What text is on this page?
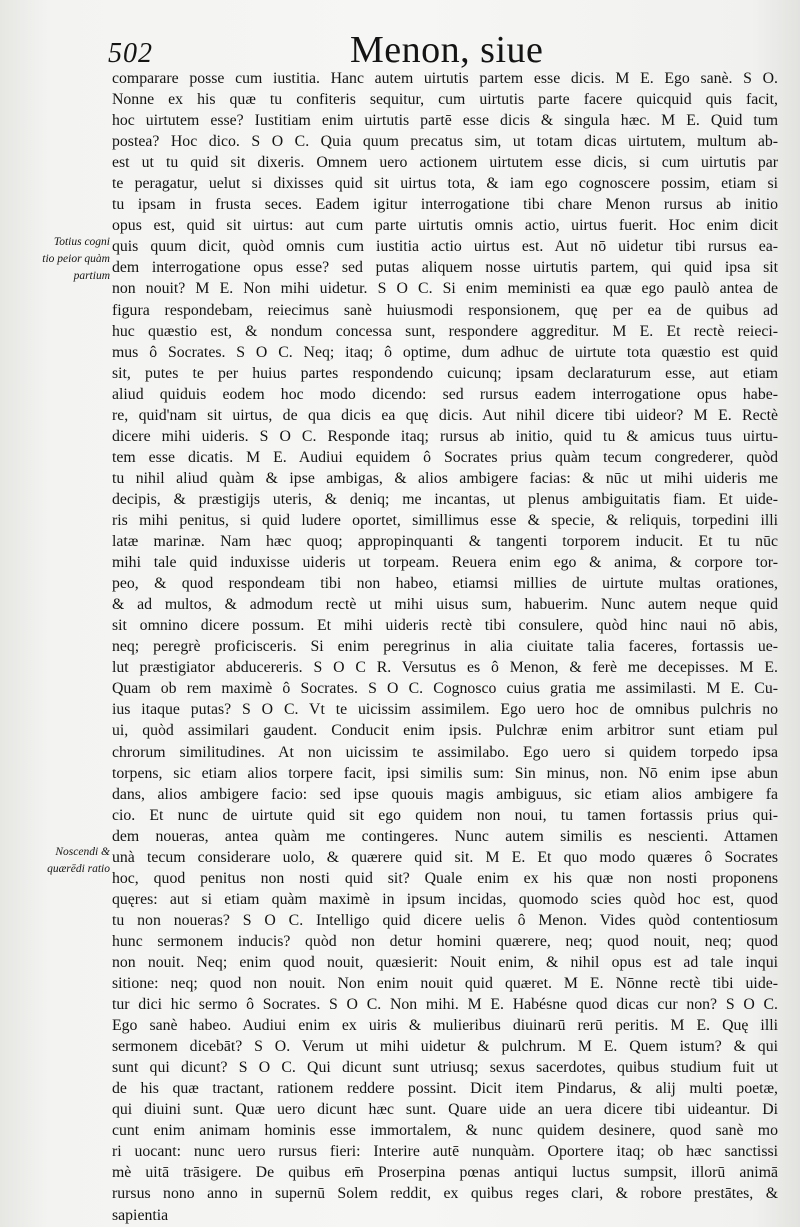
502	Menon, siue
Totius cogni
tio peior quàm
partium
Noscendi &
quærēdi ratio
comparare posse cum iustitia. Hanc autem uirtutis partem esse dicis. M E. Ego sanè. S O.
Nonne ex his quæ tu confiteris sequitur, cum uirtutis parte facere quicquid quis facit,
hoc uirtutem esse? Iustitiam enim uirtutis partē esse dicis & singula hæc. M E. Quid tum
postea? Hoc dico. S O C. Quia quum precatus sim, ut totam dicas uirtutem, multum ab-
est ut tu quid sit dixeris. Omnem uero actionem uirtutem esse dicis, si cum uirtutis par
te peragatur, uelut si dixisses quid sit uirtus tota, & iam ego cognoscere possim, etiam si
tu ipsam in frusta seces. Eadem igitur interrogatione tibi chare Menon rursus ab initio
opus est, quid sit uirtus: aut cum parte uirtutis omnis actio, uirtus fuerit. Hoc enim dicit
quis quum dicit, quòd omnis cum iustitia actio uirtus est. Aut nō uidetur tibi rursus ea-
dem interrogatione opus esse? sed putas aliquem nosse uirtutis partem, qui quid ipsa sit
non nouit? M E. Non mihi uidetur. S O C. Si enim meministi ea quæ ego paulò antea de
figura respondebam, reiecimus sanè huiusmodi responsionem, quę per ea de quibus ad
huc quæstio est, & nondum concessa sunt, respondere aggreditur. M E. Et rectè reieci-
mus ô Socrates. S O C. Neq; itaq; ô optime, dum adhuc de uirtute tota quæstio est quid
sit, putes te per huius partes respondendo cuicunq; ipsam declaraturum esse, aut etiam
aliud quiduis eodem hoc modo dicendo: sed rursus eadem interrogatione opus habe-
re, quid'nam sit uirtus, de qua dicis ea quę dicis. Aut nihil dicere tibi uideor? M E. Rectè
dicere mihi uideris. S O C. Responde itaq; rursus ab initio, quid tu & amicus tuus uirtu-
tem esse dicatis. M E. Audiui equidem ô Socrates prius quàm tecum congrederer, quòd
tu nihil aliud quàm & ipse ambigas, & alios ambigere facias: & nūc ut mihi uideris me
decipis, & præstigijs uteris, & deniq; me incantas, ut plenus ambiguitatis fiam. Et uide-
ris mihi penitus, si quid ludere oportet, simillimus esse & specie, & reliquis, torpedini illi
latæ marinæ. Nam hæc quoq; appropinquanti & tangenti torporem inducit. Et tu nūc
mihi tale quid induxisse uideris ut torpeam. Reuera enim ego & anima, & corpore tor-
peo, & quod respondeam tibi non habeo, etiamsi millies de uirtute multas orationes,
& ad multos, & admodum rectè ut mihi uisus sum, habuerim. Nunc autem neque quid
sit omnino dicere possum. Et mihi uideris rectè tibi consulere, quòd hinc naui nō abis,
neq; peregrè proficisceris. Si enim peregrinus in alia ciuitate talia faceres, fortassis ue-
lut præstigiator abducereris. S O C R. Versutus es ô Menon, & ferè me decepisses. M E.
Quam ob rem maximè ô Socrates. S O C. Cognosco cuius gratia me assimilasti. M E. Cu-
ius itaque putas? S O C. Vt te uicissim assimilem. Ego uero hoc de omnibus pulchris no
ui, quòd assimilari gaudent. Conducit enim ipsis. Pulchræ enim arbitror sunt etiam pul
chrorum similitudines. At non uicissim te assimilabo. Ego uero si quidem torpedo ipsa
torpens, sic etiam alios torpere facit, ipsi similis sum: Sin minus, non. Nō enim ipse abun
dans, alios ambigere facio: sed ipse quouis magis ambiguus, sic etiam alios ambigere fa
cio. Et nunc de uirtute quid sit ego quidem non noui, tu tamen fortassis prius qui-
dem noueras, antea quàm me contingeres. Nunc autem similis es nescienti. Attamen
unà tecum considerare uolo, & quærere quid sit. M E. Et quo modo quæres ô Socrates
hoc, quod penitus non nosti quid sit? Quale enim ex his quæ non nosti proponens
quęres: aut si etiam quàm maximè in ipsum incidas, quomodo scies quòd hoc est, quod
tu non noueras? S O C. Intelligo quid dicere uelis ô Menon. Vides quòd contentiosum
hunc sermonem inducis? quòd non detur homini quærere, neq; quod nouit, neq; quod
non nouit. Neq; enim quod nouit, quæsierit: Nouit enim, & nihil opus est ad tale inqui
sitione: neq; quod non nouit. Non enim nouit quid quæret. M E. Nōnne rectè tibi uide-
tur dici hic sermo ô Socrates. S O C. Non mihi. M E. Habésne quod dicas cur non? S O C.
Ego sanè habeo. Audiui enim ex uiris & mulieribus diuinarū rerū peritis. M E. Quę illi
sermonem dicebāt? S O. Verum ut mihi uidetur & pulchrum. M E. Quem istum? & qui
sunt qui dicunt? S O C. Qui dicunt sunt utriusq; sexus sacerdotes, quibus studium fuit ut
de his quæ tractant, rationem reddere possint. Dicit item Pindarus, & alij multi poetæ,
qui diuini sunt. Quæ uero dicunt hæc sunt. Quare uide an uera dicere tibi uideantur. Di
cunt enim animam hominis esse immortalem, & nunc quidem desinere, quod sanè mo
ri uocant: nunc uero rursus fieri: Interire autē nunquàm. Oportere itaq; ob hæc sanctissi
mè uitā trāsigere. De quibus em̄ Proserpina pœnas antiqui luctus sumpsit, illorū animā
rursus nono anno in supernū Solem reddit, ex quibus reges clari, & robore prestātes, &
sapientia
